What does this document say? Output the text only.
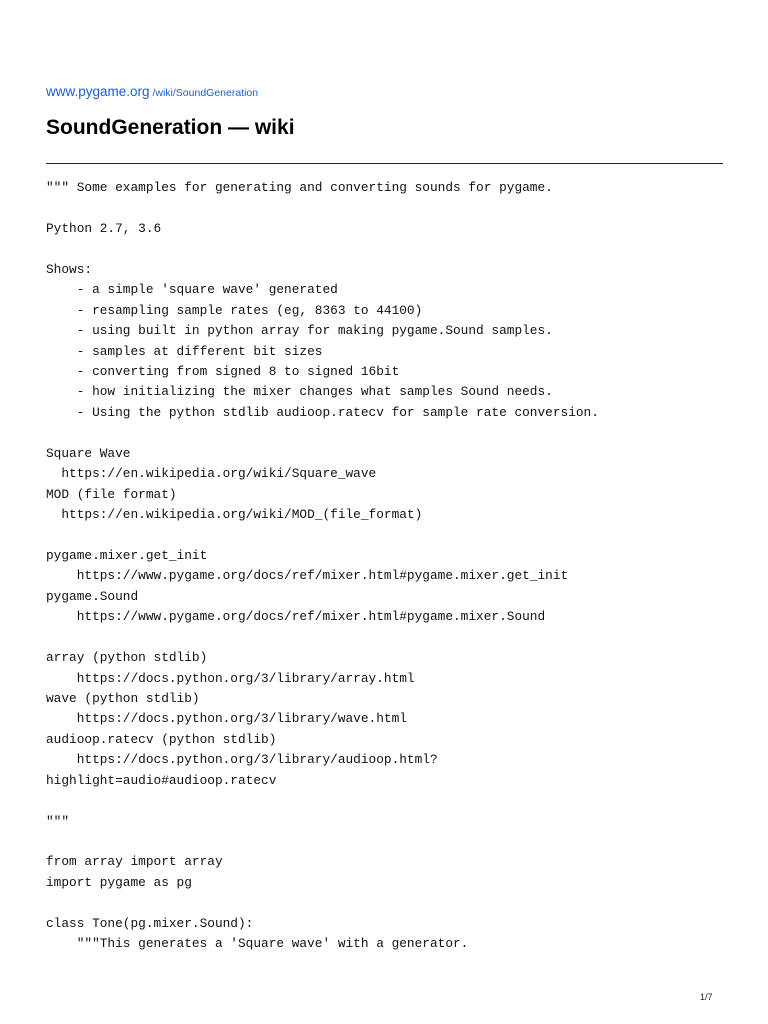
www.pygame.org /wiki/SoundGeneration
SoundGeneration — wiki
""" Some examples for generating and converting sounds for pygame.
Python 2.7, 3.6
Shows:
- a simple 'square wave' generated
- resampling sample rates (eg, 8363 to 44100)
- using built in python array for making pygame.Sound samples.
- samples at different bit sizes
- converting from signed 8 to signed 16bit
- how initializing the mixer changes what samples Sound needs.
- Using the python stdlib audioop.ratecv for sample rate conversion.
Square Wave
https://en.wikipedia.org/wiki/Square_wave
MOD (file format)
https://en.wikipedia.org/wiki/MOD_(file_format)
pygame.mixer.get_init
https://www.pygame.org/docs/ref/mixer.html#pygame.mixer.get_init
pygame.Sound
https://www.pygame.org/docs/ref/mixer.html#pygame.mixer.Sound
array (python stdlib)
https://docs.python.org/3/library/array.html
wave (python stdlib)
https://docs.python.org/3/library/wave.html
audioop.ratecv (python stdlib)
https://docs.python.org/3/library/audioop.html?
highlight=audio#audioop.ratecv
"""
from array import array
import pygame as pg
class Tone(pg.mixer.Sound):
"""This generates a 'Square wave' with a generator.
1/7
